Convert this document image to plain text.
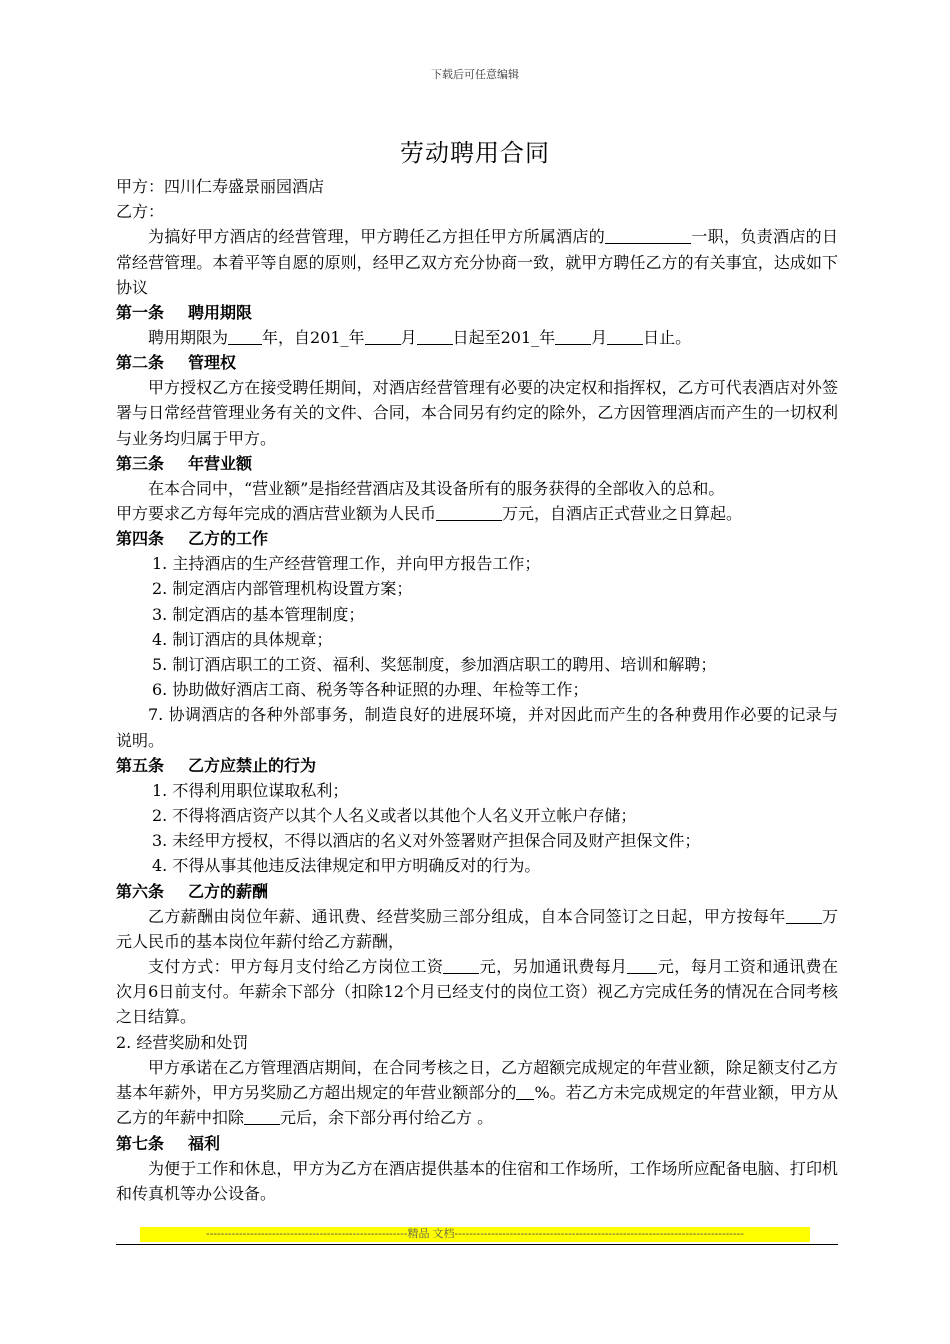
下载后可任意编辑
劳动聘用合同

甲方：四川仁寿盛景丽园酒店

乙方：

为搞好甲方酒店的经营管理，甲方聘任乙方担任甲方所属酒店的	一职，负责酒店的日常经营管理。本着平等自愿的原则，经甲乙双方充分协商一致，就甲方聘任乙方的有关事宜，达成如下协议

第一条 聘用期限

聘用期限为 年，自201_年 月 日起至201_年 月 日止。

第二条 管理权

甲方授权乙方在接受聘任期间，对酒店经营管理有必要的决定权和指挥权，乙方可代表酒店对外签署与日常经营管理业务有关的文件、合同，本合同另有约定的除外，乙方因管理酒店而产生的一切权利与业务均归属于甲方。

第三条 年营业额

在本合同中，“营业额”是指经营酒店及其设备所有的服务获得的全部收入的总和。

甲方要求乙方每年完成的酒店营业额为人民币	万元，自酒店正式营业之日算起。

第四条 乙方的工作

1. 主持酒店的生产经营管理工作，并向甲方报告工作；

2. 制定酒店内部管理机构设置方案；

3. 制定酒店的基本管理制度；

4. 制订酒店的具体规章；

5. 制订酒店职工的工资、福利、奖惩制度，参加酒店职工的聘用、培训和解聘；

6. 协助做好酒店工商、税务等各种证照的办理、年检等工作；

7. 协调酒店的各种外部事务，制造良好的进展环境，并对因此而产生的各种费用作必要的记录与说明。

第五条 乙方应禁止的行为

1. 不得利用职位谋取私利；

2. 不得将酒店资产以其个人名义或者以其他个人名义开立帐户存储；

3. 未经甲方授权，不得以酒店的名义对外签署财产担保合同及财产担保文件；

4. 不得从事其他违反法律规定和甲方明确反对的行为。

第六条 乙方的薪酬

乙方薪酬由岗位年薪、通讯费、经营奖励三部分组成，自本合同签订之日起，甲方按每年 万元人民币的基本岗位年薪付给乙方薪酬，

支付方式：甲方每月支付给乙方岗位工资 元，另加通讯费每月 元，每月工资和通讯费在次月6日前支付。年薪余下部分（扣除12个月已经支付的岗位工资）视乙方完成任务的情况在合同考核之日结算。

2. 经营奖励和处罚

甲方承诺在乙方管理酒店期间，在合同考核之日，乙方超额完成规定的年营业额，除足额支付乙方基本年薪外，甲方另奖励乙方超出规定的年营业额部分的 %。若乙方未完成规定的年营业额，甲方从乙方的年薪中扣除 元后，余下部分再付给乙方 。

第七条 福利

为便于工作和休息，甲方为乙方在酒店提供基本的住宿和工作场所，工作场所应配备电脑、打印机和传真机等办公设备。

-------------------------------------------------------精品 文档-------------------------------------------------------------------------------
